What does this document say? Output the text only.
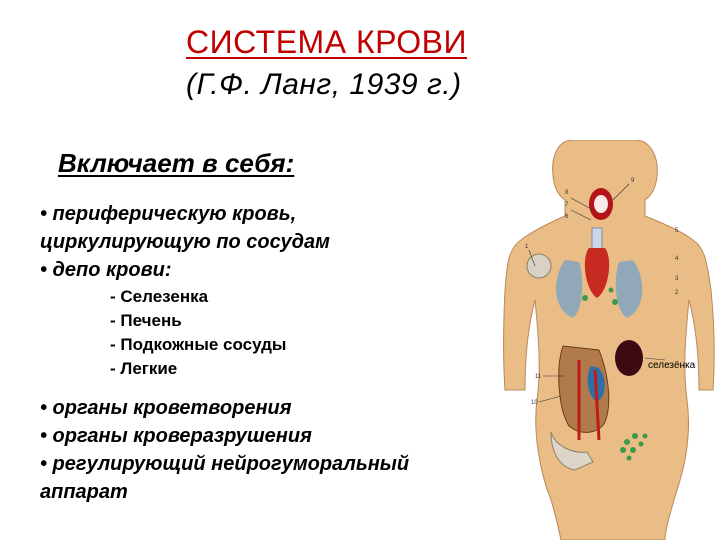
СИСТЕМА КРОВИ
(Г.Ф. Ланг, 1939 г.)
Включает в себя:
• периферическую кровь,
циркулирующую по сосудам
• депо крови:
- Селезенка
- Печень
- Подкожные сосуды
- Легкие
• органы кроветворения
• органы кроверазрушения
• регулирующий нейрогуморальный
аппарат
9
8
7
6
5
4
3
2
1
11
10
селезёнка
